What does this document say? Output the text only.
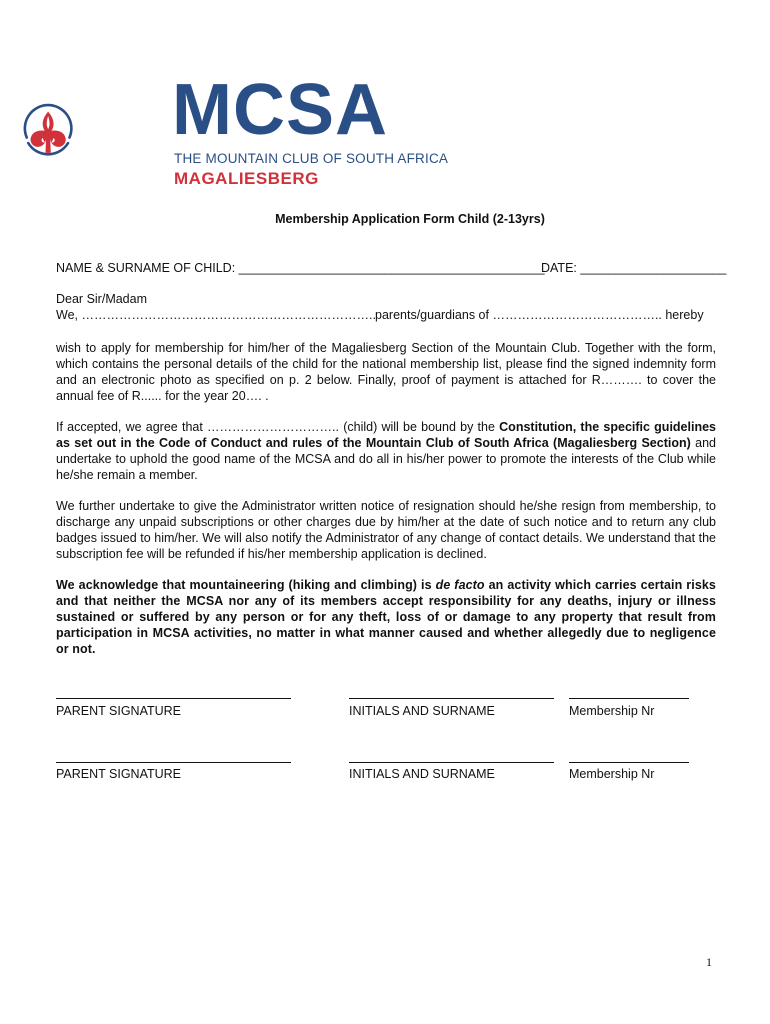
MCSA
THE MOUNTAIN CLUB OF SOUTH AFRICA
MAGALIESBERG
Membership Application Form Child (2-13yrs)
NAME & SURNAME OF CHILD: ____________________________________________
DATE: _____________________
Dear Sir/Madam
We, …………………………………………………………….. parents/guardians of ………………………………….. hereby
wish to apply for membership for him/her of the Magaliesberg Section of the Mountain Club. Together with the form, which contains the personal details of the child for the national membership list, please find the signed indemnity form and an electronic photo as specified on p. 2 below. Finally, proof of payment is attached for R………. to cover the annual fee of R...... for the year 20…. .
If accepted, we agree that ………………………….. (child) will be bound by the Constitution, the specific guidelines as set out in the Code of Conduct and rules of the Mountain Club of South Africa (Magaliesberg Section) and undertake to uphold the good name of the MCSA and do all in his/her power to promote the interests of the Club while he/she remain a member.
We further undertake to give the Administrator written notice of resignation should he/she resign from membership, to discharge any unpaid subscriptions or other charges due by him/her at the date of such notice and to return any club badges issued to him/her. We will also notify the Administrator of any change of contact details. We understand that the subscription fee will be refunded if his/her membership application is declined.
We acknowledge that mountaineering (hiking and climbing) is de facto an activity which carries certain risks and that neither the MCSA nor any of its members accept responsibility for any deaths, injury or illness sustained or suffered by any person or for any theft, loss of or damage to any property that result from participation in MCSA activities, no matter in what manner caused and whether allegedly due to negligence or not.
PARENT SIGNATURE	INITIALS AND SURNAME	Membership Nr
PARENT SIGNATURE	INITIALS AND SURNAME	Membership Nr
1
